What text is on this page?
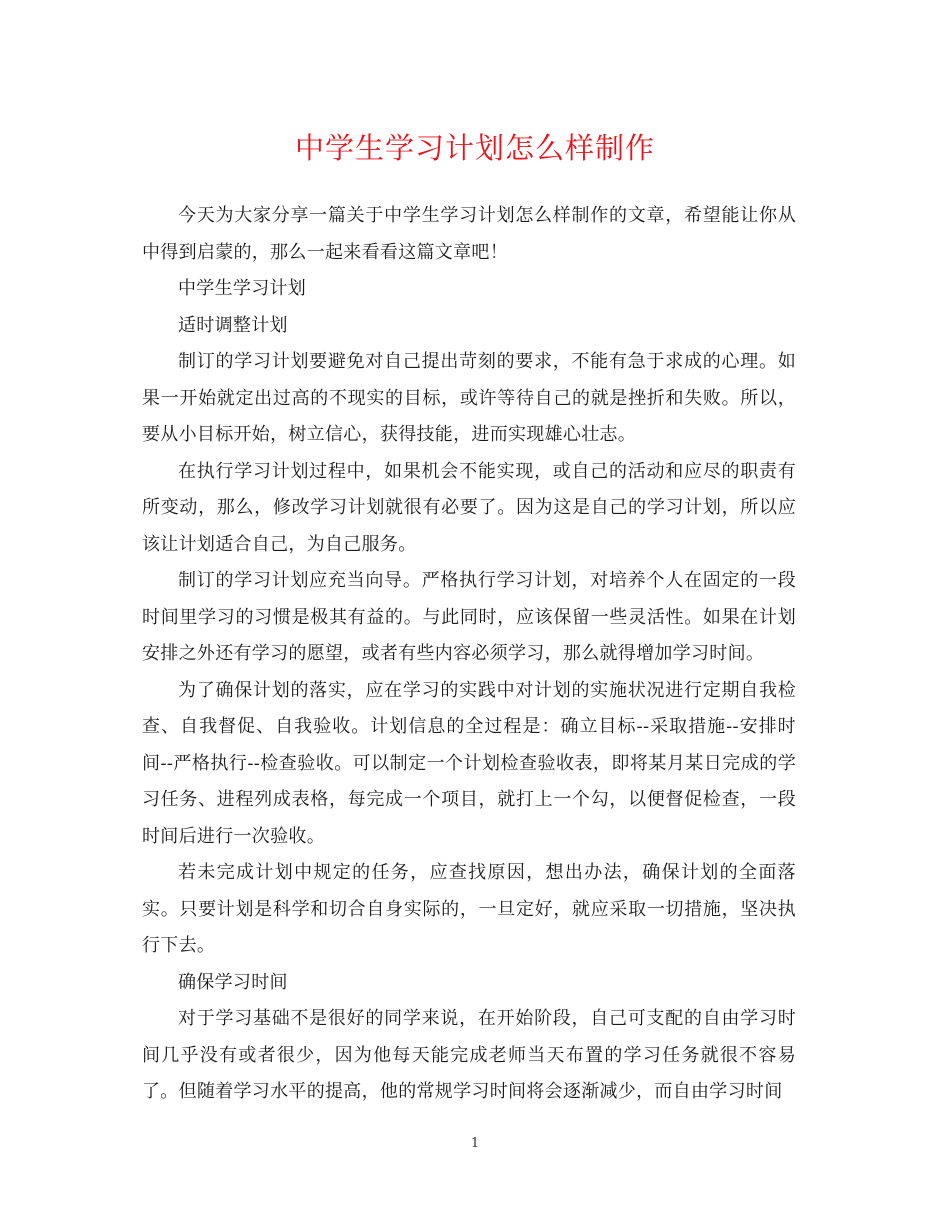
中学生学习计划怎么样制作

今天为大家分享一篇关于中学生学习计划怎么样制作的文章，希望能让你从中得到启蒙的，那么一起来看看这篇文章吧！

中学生学习计划

适时调整计划

制订的学习计划要避免对自己提出苛刻的要求，不能有急于求成的心理。如果一开始就定出过高的不现实的目标，或许等待自己的就是挫折和失败。所以，要从小目标开始，树立信心，获得技能，进而实现雄心壮志。

在执行学习计划过程中，如果机会不能实现，或自己的活动和应尽的职责有所变动，那么，修改学习计划就很有必要了。因为这是自己的学习计划，所以应该让计划适合自己，为自己服务。

制订的学习计划应充当向导。严格执行学习计划，对培养个人在固定的一段时间里学习的习惯是极其有益的。与此同时，应该保留一些灵活性。如果在计划安排之外还有学习的愿望，或者有些内容必须学习，那么就得增加学习时间。

为了确保计划的落实，应在学习的实践中对计划的实施状况进行定期自我检查、自我督促、自我验收。计划信息的全过程是：确立目标--采取措施--安排时间--严格执行--检查验收。可以制定一个计划检查验收表，即将某月某日完成的学习任务、进程列成表格，每完成一个项目，就打上一个勾，以便督促检查，一段时间后进行一次验收。

若未完成计划中规定的任务，应查找原因，想出办法，确保计划的全面落实。只要计划是科学和切合自身实际的，一旦定好，就应采取一切措施，坚决执行下去。

确保学习时间

对于学习基础不是很好的同学来说，在开始阶段，自己可支配的自由学习时间几乎没有或者很少，因为他每天能完成老师当天布置的学习任务就很不容易了。但随着学习水平的提高，他的常规学习时间将会逐渐减少，而自由学习时间

1
